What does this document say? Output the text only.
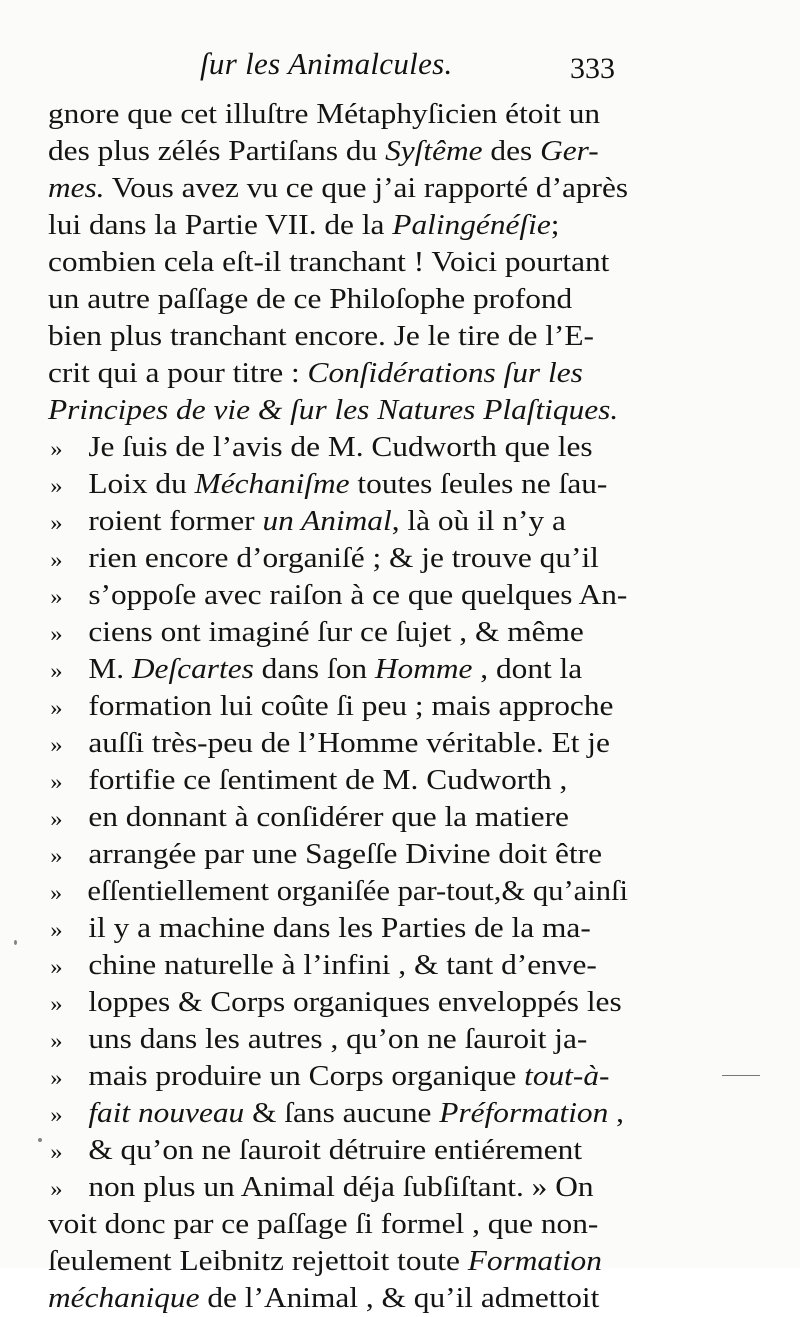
ſur les Animalcules.	333
gnore que cet illuſtre Métaphyſicien étoit un
des plus zélés Partiſans du Syſtême des Ger-
mes. Vous avez vu ce que j’ai rapporté d’après
lui dans la Partie VII. de la Palingénéſie;
combien cela eſt-il tranchant ! Voici pourtant
un autre paſſage de ce Philoſophe profond
bien plus tranchant encore. Je le tire de l’E-
crit qui a pour titre : Conſidérations ſur les
Principes de vie & ſur les Natures Plaſtiques.
» Je ſuis de l’avis de M. Cudworth que les
» Loix du Méchaniſme toutes ſeules ne ſau-
» roient former un Animal, là où il n’y a
» rien encore d’organiſé ; & je trouve qu’il
» s’oppoſe avec raiſon à ce que quelques An-
» ciens ont imaginé ſur ce ſujet , & même
» M. Deſcartes dans ſon Homme , dont la
» formation lui coûte ſi peu ; mais approche
» auſſi très-peu de l’Homme véritable. Et je
» fortifie ce ſentiment de M. Cudworth ,
» en donnant à conſidérer que la matiere
» arrangée par une Sageſſe Divine doit être
» eſſentiellement organiſée par-tout,& qu’ainſi
» il y a machine dans les Parties de la ma-
» chine naturelle à l’infini , & tant d’enve-
» loppes & Corps organiques enveloppés les
» uns dans les autres , qu’on ne ſauroit ja-
» mais produire un Corps organique tout-à-
» fait nouveau & ſans aucune Préformation ,
» & qu’on ne ſauroit détruire entiérement
» non plus un Animal déja ſubſiſtant. » On
voit donc par ce paſſage ſi formel , que non-
ſeulement Leibnitz rejettoit toute Formation
méchanique de l’Animal , & qu’il admettoit
